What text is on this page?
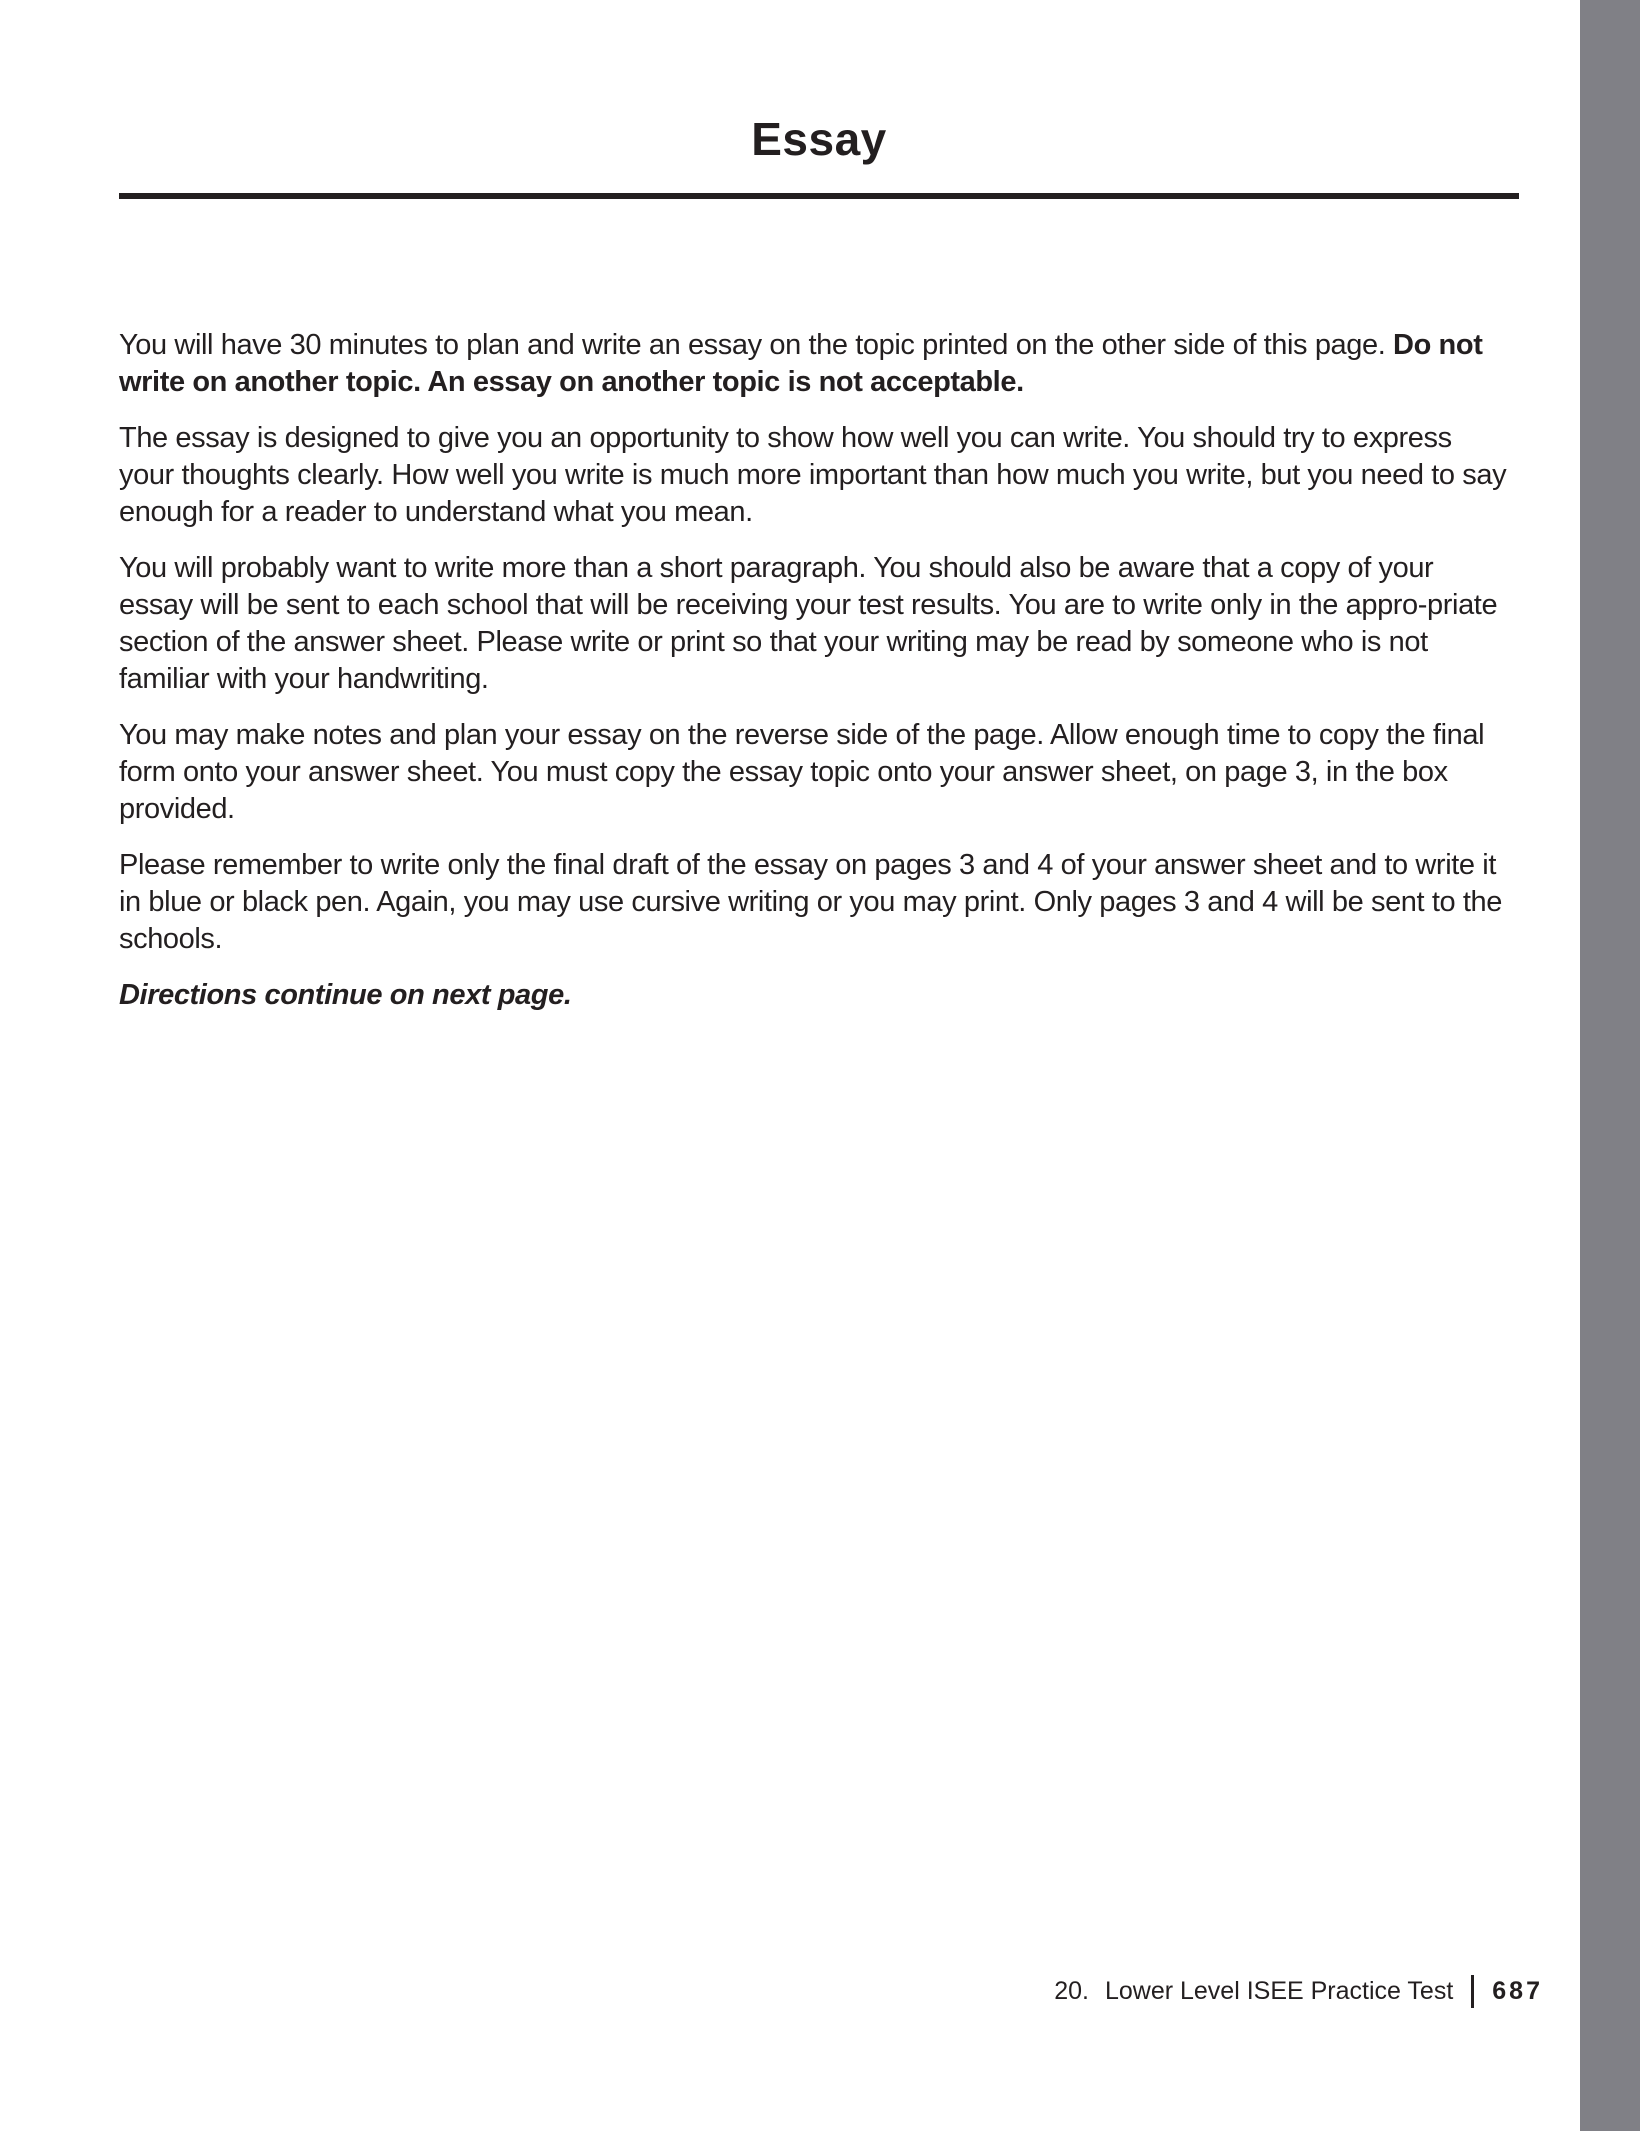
Essay

You will have 30 minutes to plan and write an essay on the topic printed on the other side of this page. Do not write on another topic. An essay on another topic is not acceptable.

The essay is designed to give you an opportunity to show how well you can write. You should try to express your thoughts clearly. How well you write is much more important than how much you write, but you need to say enough for a reader to understand what you mean.

You will probably want to write more than a short paragraph. You should also be aware that a copy of your essay will be sent to each school that will be receiving your test results. You are to write only in the appro-priate section of the answer sheet. Please write or print so that your writing may be read by someone who is not familiar with your handwriting.

You may make notes and plan your essay on the reverse side of the page. Allow enough time to copy the final form onto your answer sheet. You must copy the essay topic onto your answer sheet, on page 3, in the box provided.

Please remember to write only the final draft of the essay on pages 3 and 4 of your answer sheet and to write it in blue or black pen. Again, you may use cursive writing or you may print. Only pages 3 and 4 will be sent to the schools.

Directions continue on next page.

20. Lower Level ISEE Practice Test 687
